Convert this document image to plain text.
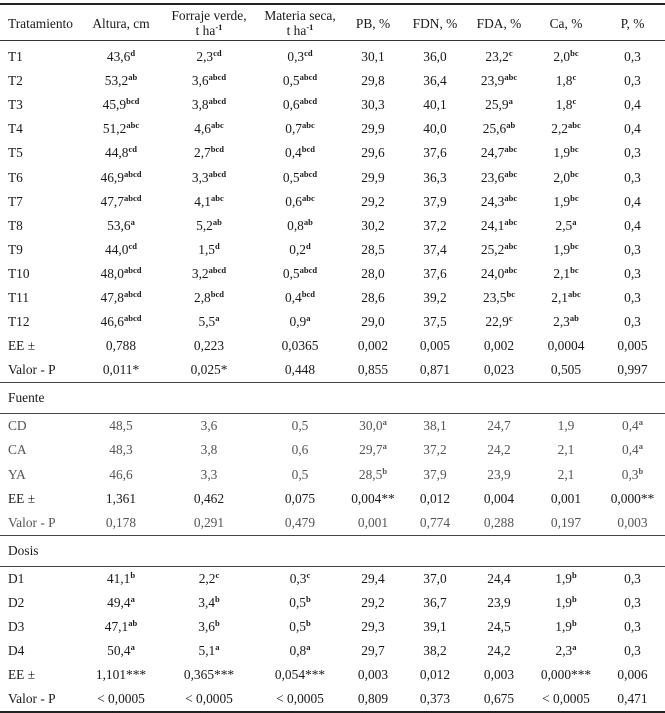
Tratamiento	Altura, cm	Forraje verde,
t $ha^{-1}$	Materia seca,
t $ha^{-1}$	PB, %	FDN, %	FDA, %	Ca, %	P, %
T1	43,6$^d$	2,3$^{cd}$	0,3$^{cd}$	30,1	36,0	23,2$^c$	2,0$^{bc}$	0,3
T2	53,2$^{ab}$	$3,6^{abcd}$	$0,5^{abcd}$	29,8	36,4	23,9$^{abc}$	1,8$^c$	0,3
T3	45,9$^{bcd}$	$3,8^{abcd}$	$0,6^{abcd}$	30,3	40,1	25,9$^a$	1,8$^c$	0,4
T4	51,2$^{abc}$	4,6$^{abc}$	0,7$^{abc}$	29,9	40,0	25,6$^{ab}$	2,2$^{abc}$	0,4
T5	44,8$^{cd}$	2,7$^{bcd}$	0,4$^{bcd}$	29,6	37,6	24,7$^{abc}$	1,9$^{bc}$	0,3
T6	$46,9^{abcd}$	$3,3^{abcd}$	$0,5^{abcd}$	29,9	36,3	23,6$^{abc}$	2,0$^{bc}$	0,3
T7	$47,7^{abcd}$	4,1$^{abc}$	0,6$^{abc}$	29,2	37,9	24,3$^{abc}$	1,9$^{bc}$	0,4
T8	53,6$^a$	5,2$^{ab}$	0,8$^{ab}$	30,2	37,2	24,1$^{abc}$	2,5$^a$	0,4
T9	44,0$^{cd}$	1,5$^d$	0,2$^d$	28,5	37,4	25,2$^{abc}$	1,9$^{bc}$	0,3
T10	$48,0^{abcd}$	$3,2^{abcd}$	$0,5^{abcd}$	28,0	37,6	24,0$^{abc}$	2,1$^{bc}$	0,3
T11	$47,8^{abcd}$	2,8$^{bcd}$	0,4$^{bcd}$	28,6	39,2	23,5$^{bc}$	2,1$^{abc}$	0,3
T12	$46,6^{abcd}$	5,5$^a$	0,9$^a$	29,0	37,5	22,9$^c$	2,3$^{ab}$	0,3
EE ±	0,788	0,223	0,0365	0,002	0,005	0,002	0,0004	0,005
Valor - P	0,011*	0,025*	0,448	0,855	0,871	0,023	0,505	0,997
Fuente								
CD	48,5	3,6	0,5	30,0$^a$	38,1	24,7	1,9	0,4$^a$
CA	48,3	3,8	0,6	29,7$^a$	37,2	24,2	2,1	0,4$^a$
YA	46,6	3,3	0,5	28,5$^b$	37,9	23,9	2,1	0,3$^b$
EE ±	1,361	0,462	0,075	0,004**	0,012	0,004	0,001	0,000**
Valor - P	0,178	0,291	0,479	0,001	0,774	0,288	0,197	0,003
Dosis								
D1	41,1$^b$	2,2$^c$	0,3$^c$	29,4	37,0	24,4	1,9$^b$	0,3
D2	49,4$^a$	3,4$^b$	0,5$^b$	29,2	36,7	23,9	1,9$^b$	0,3
D3	47,1$^{ab}$	3,6$^b$	0,5$^b$	29,3	39,1	24,5	1,9$^b$	0,3
D4	50,4$^a$	5,1$^a$	0,8$^a$	29,7	38,2	24,2	2,3$^a$	0,3
EE ±	1,101***	0,365***	0,054***	0,003	0,012	0,003	0,000***	0,006
Valor - P	< 0,0005	< 0,0005	< 0,0005	0,809	0,373	0,675	< 0,0005	0,471
